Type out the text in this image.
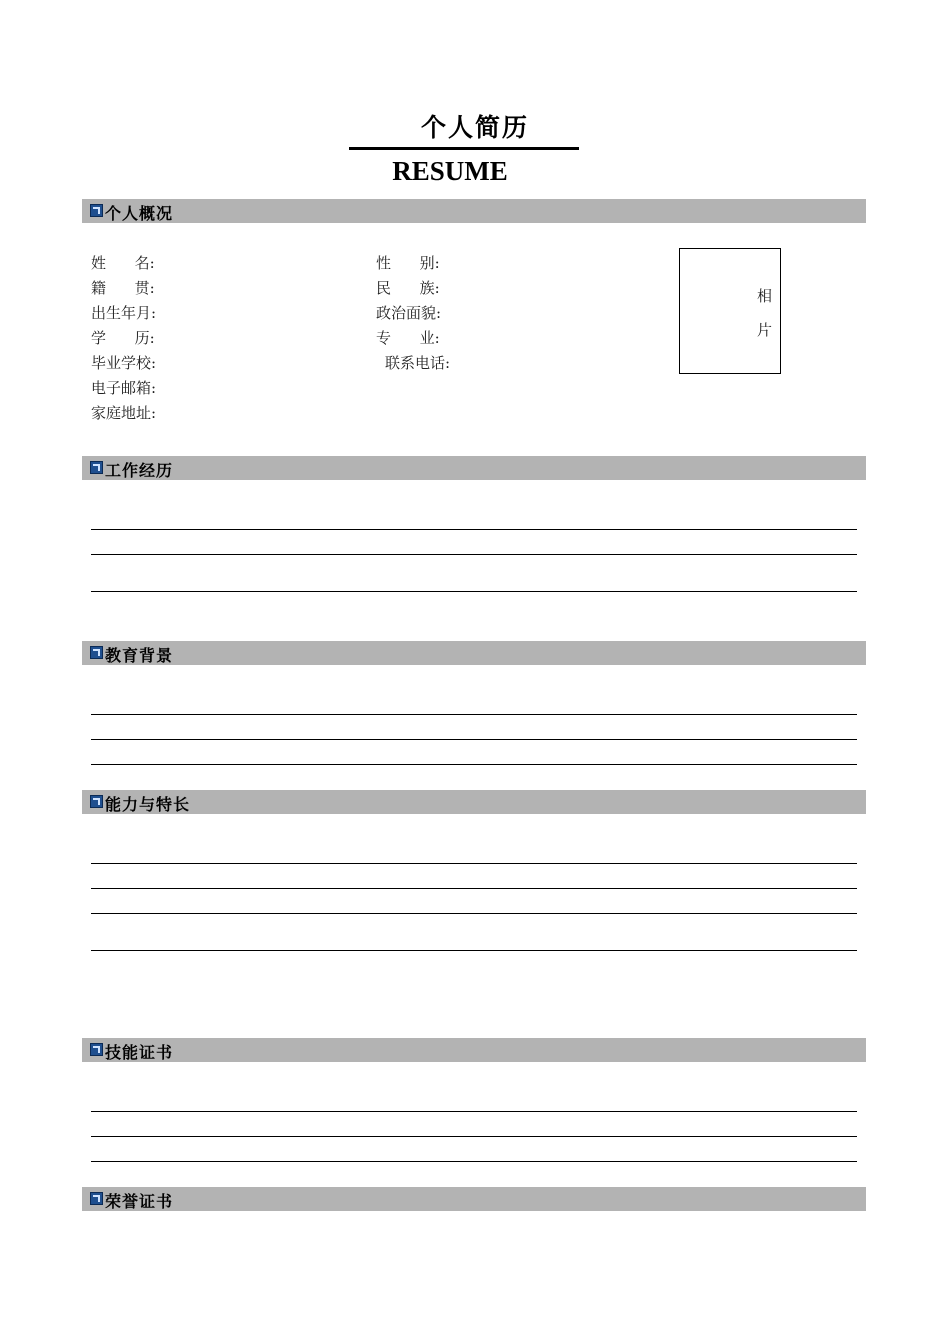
个人简历
RESUME
个人概况
姓      名:
籍      贯:
出生年月:
学      历:
毕业学校:
电子邮箱:
家庭地址:
性      别:
民      族:
政治面貌:
专      业:
联系电话:
相
片
工作经历
教育背景
能力与特长
技能证书
荣誉证书
